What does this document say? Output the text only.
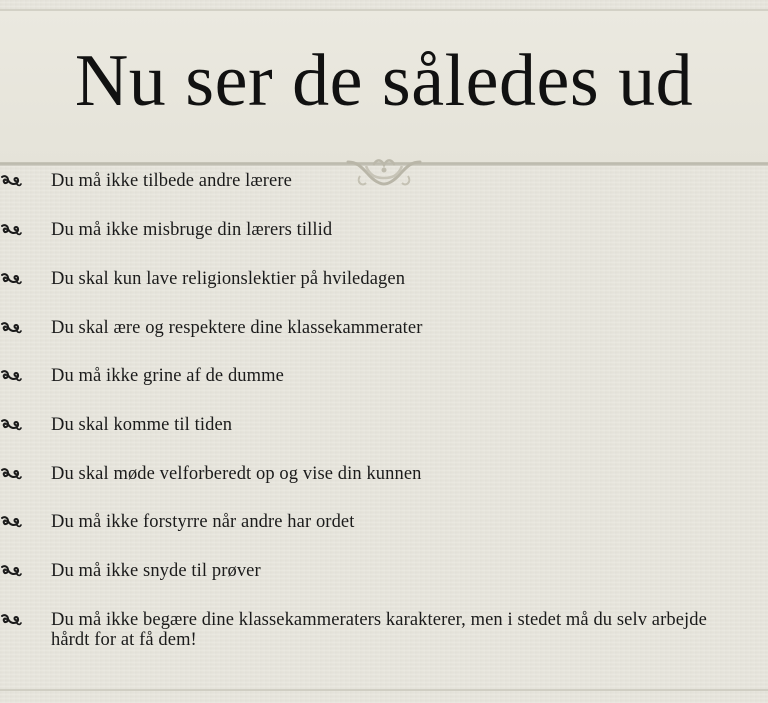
Nu ser de således ud
Du må ikke tilbede andre lærere
Du må ikke misbruge din lærers tillid
Du skal kun lave religionslektier på hviledagen
Du skal ære og respektere dine klassekammerater
Du må ikke grine af de dumme
Du skal komme til tiden
Du skal møde velforberedt op og vise din kunnen
Du må ikke forstyrre når andre har ordet
Du må ikke snyde til prøver
Du må ikke begære dine klassekammeraters karakterer, men i stedet må du selv arbejde hårdt for at få dem!
